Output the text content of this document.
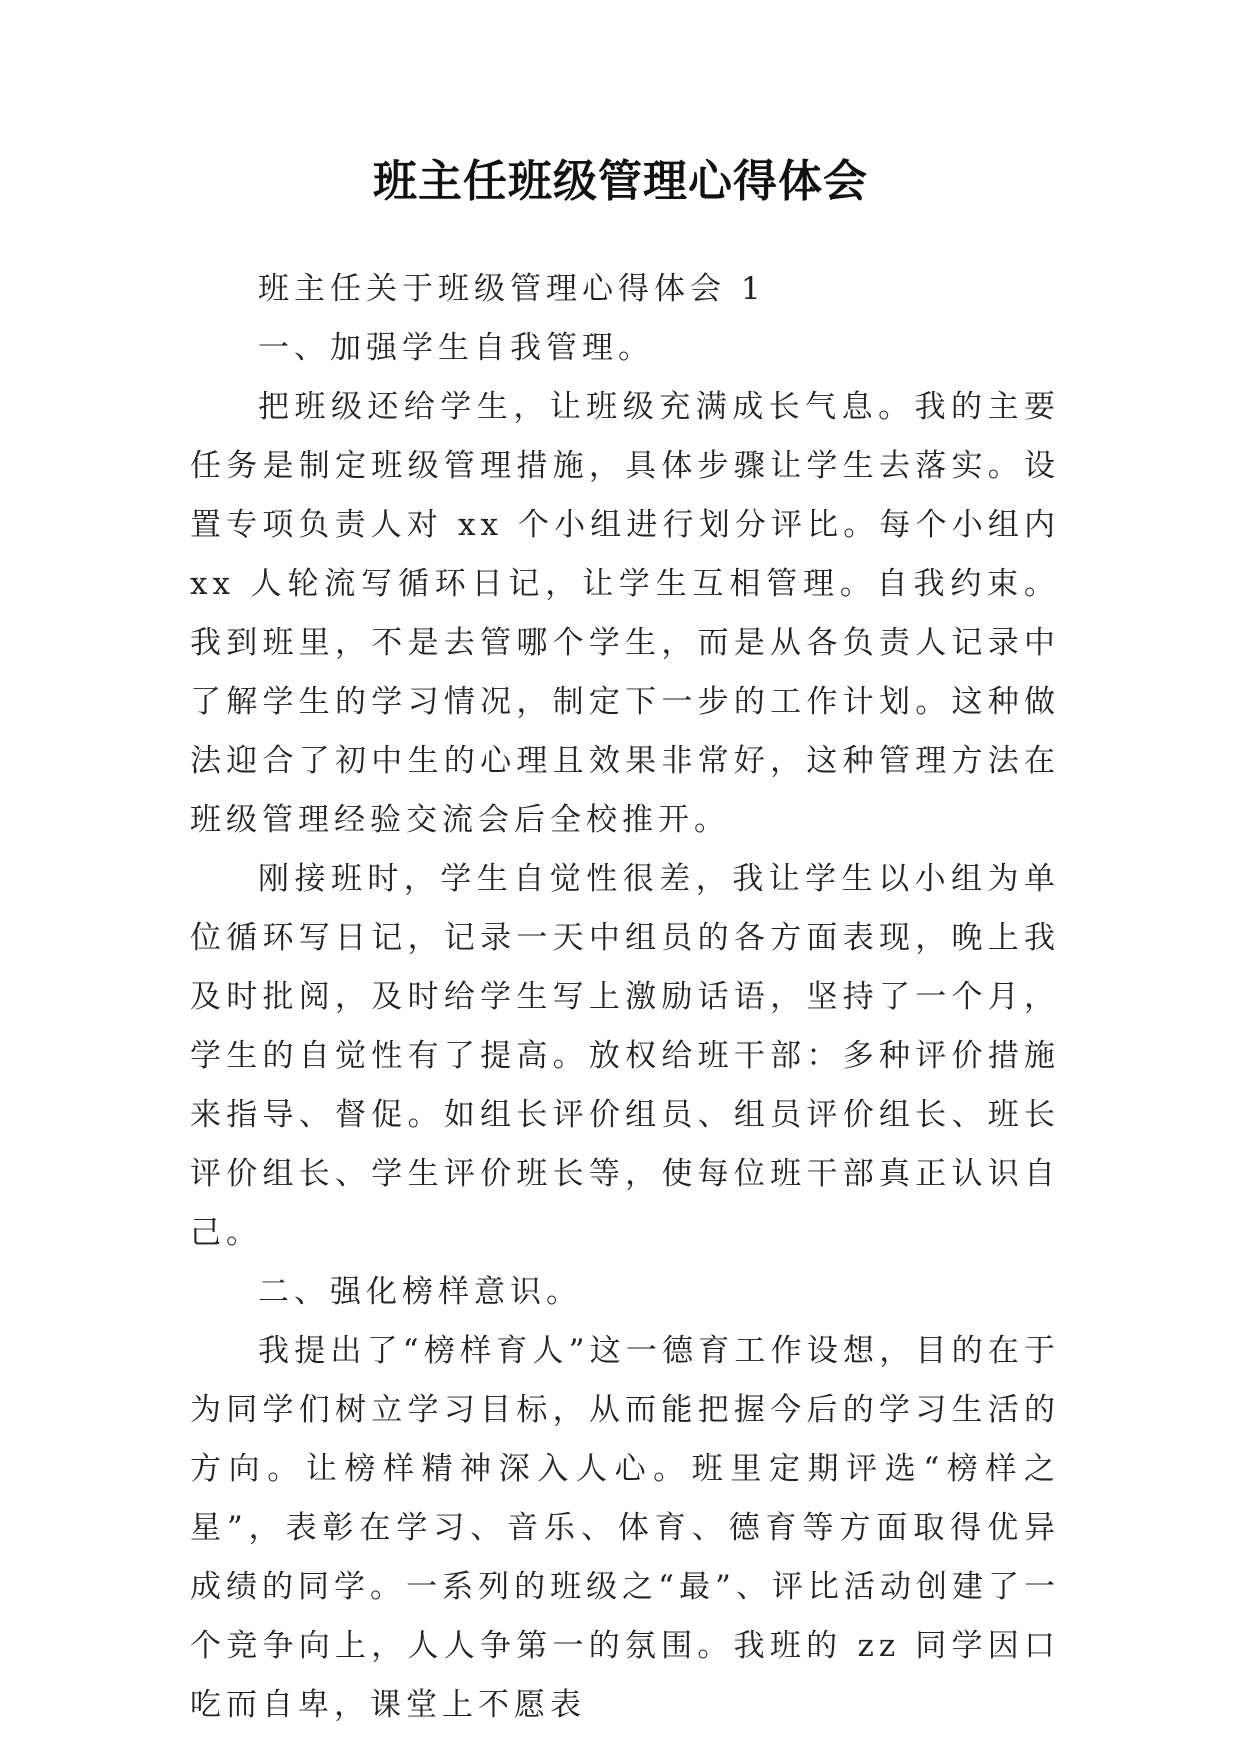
班主任班级管理心得体会

班主任关于班级管理心得体会 1

一、加强学生自我管理。

把班级还给学生，让班级充满成长气息。我的主要任务是制定班级管理措施，具体步骤让学生去落实。设置专项负责人对 xx 个小组进行划分评比。每个小组内 xx 人轮流写循环日记，让学生互相管理。自我约束。我到班里，不是去管哪个学生，而是从各负责人记录中了解学生的学习情况，制定下一步的工作计划。这种做法迎合了初中生的心理且效果非常好，这种管理方法在班级管理经验交流会后全校推开。

刚接班时，学生自觉性很差，我让学生以小组为单位循环写日记，记录一天中组员的各方面表现，晚上我及时批阅，及时给学生写上激励话语，坚持了一个月，学生的自觉性有了提高。放权给班干部：多种评价措施来指导、督促。如组长评价组员、组员评价组长、班长评价组长、学生评价班长等，使每位班干部真正认识自己。

二、强化榜样意识。

我提出了“榜样育人”这一德育工作设想，目的在于为同学们树立学习目标，从而能把握今后的学习生活的方向。让榜样精神深入人心。班里定期评选“榜样之星”，表彰在学习、音乐、体育、德育等方面取得优异成绩的同学。一系列的班级之“最”、评比活动创建了一个竞争向上，人人争第一的氛围。我班的 zz 同学因口吃而自卑，课堂上不愿表
